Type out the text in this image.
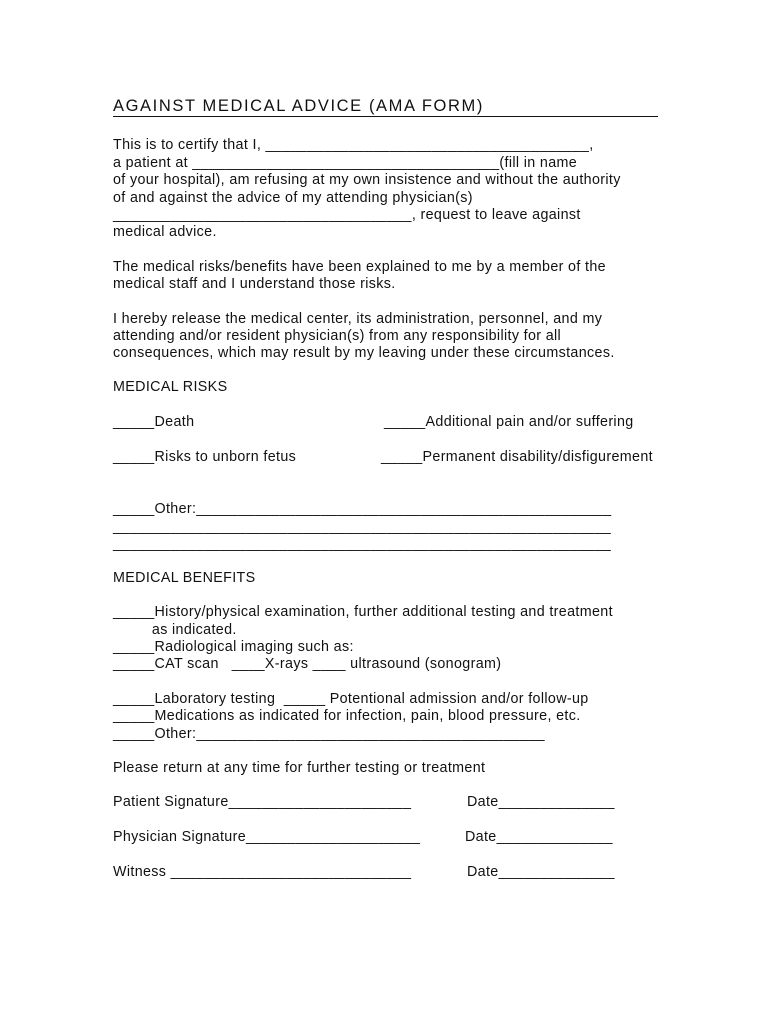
AGAINST MEDICAL ADVICE (AMA FORM)
This is to certify that I, _______________________________________,
a patient at _____________________________________(fill in name
of your hospital), am refusing at my own insistence and without the authority
of and against the advice of my attending physician(s)
____________________________________, request to leave against
medical advice.
The medical risks/benefits have been explained to me by a member of the
medical staff and I understand those risks.
I hereby release the medical center, its administration, personnel, and my
attending and/or resident physician(s) from any responsibility for all
consequences, which may result by my leaving under these circumstances.
MEDICAL RISKS
_____Death	_____Additional pain and/or suffering
_____Risks to unborn fetus	_____Permanent disability/disfigurement
_____Other:__________________________________________________
____________________________________________________________
____________________________________________________________
MEDICAL BENEFITS
_____History/physical examination, further additional testing and treatment
as indicated.
_____Radiological imaging such as:
_____CAT scan   ____X-rays ____ ultrasound (sonogram)
_____Laboratory testing  _____ Potentional admission and/or follow-up
_____Medications as indicated for infection, pain, blood pressure, etc.
_____Other:__________________________________________
Please return at any time for further testing or treatment
Patient Signature______________________	Date______________
Physician Signature_____________________	Date______________
Witness _____________________________	Date______________
